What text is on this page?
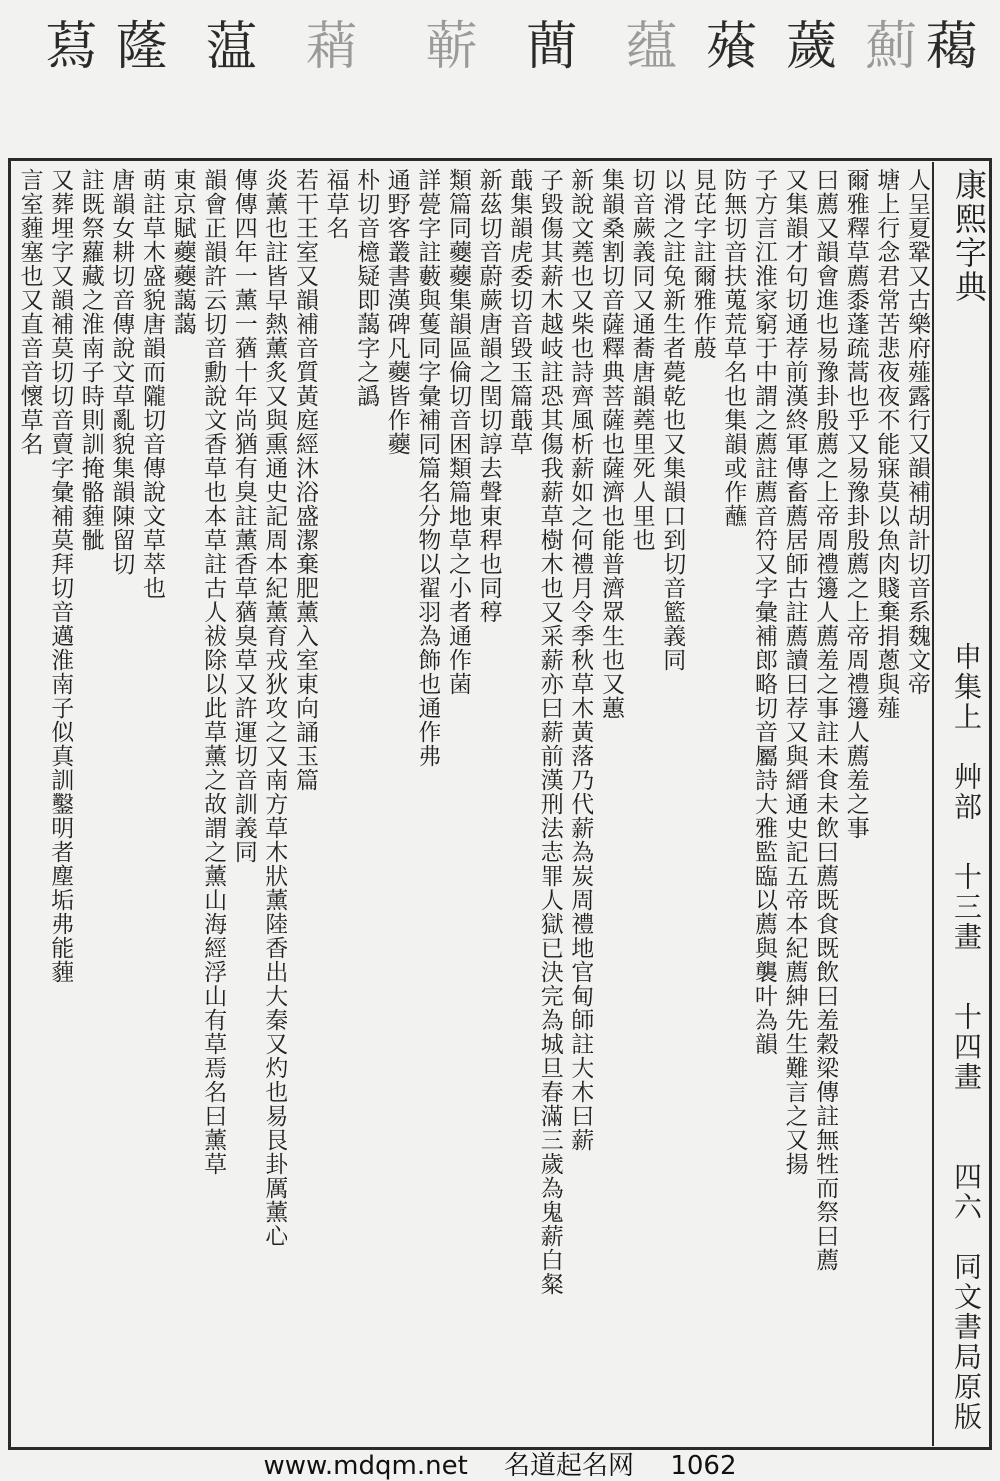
蕮 蕯 蕰 蕱 蕲 蕳 蕴 蕵 薉 薊 藒
人呈夏鞏又古樂府薤露行又韻補胡計切音系魏文帝
塘上行念君常苦悲夜夜不能寐莫以魚肉賤棄捐蔥與薤
爾雅釋草薦黍蓬疏蒿也乎又易豫卦殷薦之上帝周禮籩人薦羞之事
曰薦又韻會進也易豫卦殷薦之上帝周禮籩人薦羞之事註未食未飲曰薦既食既飲曰羞穀梁傳註無牲而祭曰薦
又集韻才句切通荐前漢終軍傳畜薦居師古註薦讀曰荐又與縉通史記五帝本紀薦紳先生難言之又揚
子方言江淮家窮于中謂之薦註薦音符又字彙補郎略切音屬詩大雅監臨以薦與襲叶為韻
防無切音扶蒐荒草名也集韻或作蘸
見芘字註爾雅作蒑
以滑之註兔新生者薨乾也又集韻口到切音籃義同
切音蕨義同又通蕎唐韻蕘里死人里也
集韻桑割切音薩釋典菩薩也薩濟也能普濟眾生也又蕙
新說文蕘也又柴也詩齊風析薪如之何禮月令季秋草木黃落乃代薪為炭周禮地官甸師註大木曰薪
子毀傷其薪木越岐註恐其傷我薪草樹木也又采薪亦曰薪前漢刑法志罪人獄已決完為城旦春滿三歲為鬼薪白粲
蕺集韻虎委切音毀玉篇蕺草
新茲切音蔚蕨唐韻之閏切諄去聲東稈也同稕
類篇同蘷蘷集韻區倫切音困類篇地草之小者通作菌
詳甍字註藪與蒦同字彙補同篇名分物以翟羽為飾也通作弗
通野客叢書漢碑凡蘷皆作蘷
朴切音檍疑即藹字之譌
福草名
若干王室又韻補音質黃庭經沐浴盛潔棄肥薰入室東向誦玉篇
炎薰也註皆早熱薰炙又與熏通史記周本紀薰育戎狄攻之又南方草木狀薰陸香出大秦又灼也易艮卦厲薰心
傳傳四年一薰一蕕十年尚猶有臭註薰香草蕕臭草又許運切音訓義同
韻會正韻許云切音勳說文香草也本草註古人祓除以此草薰之故謂之薰山海經浮山有草焉名曰薰草
東京賦蘷蘷藹藹
萌註草木盛貌唐韻而隴切音傳說文草萃也
唐韻女耕切音傳說文草亂貌集韻陳留切
註既祭蘿藏之淮南子時則訓掩骼薶骴
又葬埋字又韻補莫切切音賣字彙補莫拜切音邁淮南子似真訓鑿明者塵垢弗能薶
言室薶塞也又直音音懷草名	康熙字典
申集上
艸部
十三畫
十四畫
四六
同文書局原版
www.mdqm.net 名道起名网 1062
